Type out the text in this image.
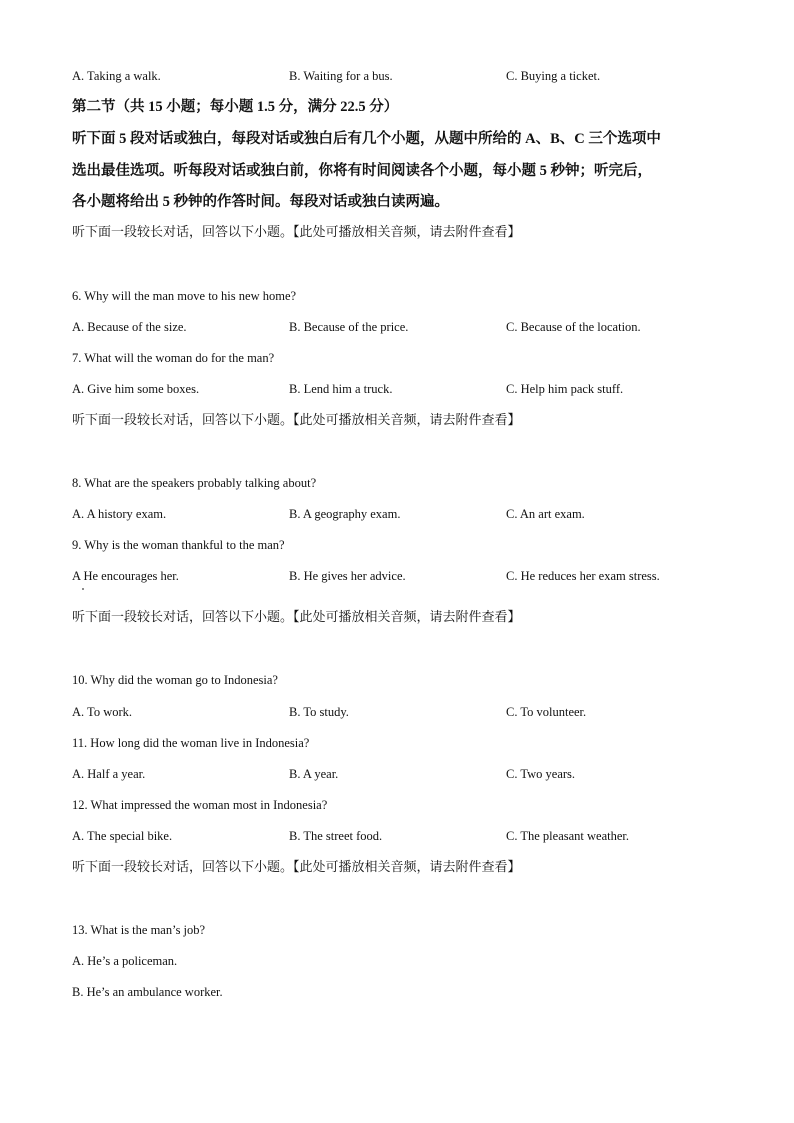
A. Taking a walk.	B. Waiting for a bus.	C. Buying a ticket.
第二节（共 15 小题；每小题 1.5 分，满分 22.5 分）
听下面 5 段对话或独白，每段对话或独白后有几个小题，从题中所给的 A、B、C 三个选项中
选出最佳选项。听每段对话或独白前，你将有时间阅读各个小题，每小题 5 秒钟；听完后，
各小题将给出 5 秒钟的作答时间。每段对话或独白读两遍。
听下面一段较长对话，回答以下小题。【此处可播放相关音频，请去附件查看】
6. Why will the man move to his new home?
A. Because of the size.	B. Because of the price.	C. Because of the location.
7. What will the woman do for the man?
A. Give him some boxes.	B. Lend him a truck.	C. Help him pack stuff.
听下面一段较长对话，回答以下小题。【此处可播放相关音频，请去附件查看】
8. What are the speakers probably talking about?
A. A history exam.	B. A geography exam.	C. An art exam.
9. Why is the woman thankful to the man?
A He encourages her.	B. He gives her advice.	C. He reduces her exam stress.
听下面一段较长对话，回答以下小题。【此处可播放相关音频，请去附件查看】
10. Why did the woman go to Indonesia?
A. To work.	B. To study.	C. To volunteer.
11. How long did the woman live in Indonesia?
A. Half a year.	B. A year.	C. Two years.
12. What impressed the woman most in Indonesia?
A. The special bike.	B. The street food.	C. The pleasant weather.
听下面一段较长对话，回答以下小题。【此处可播放相关音频，请去附件查看】
13. What is the man’s job?
A. He’s a policeman.
B. He’s an ambulance worker.
